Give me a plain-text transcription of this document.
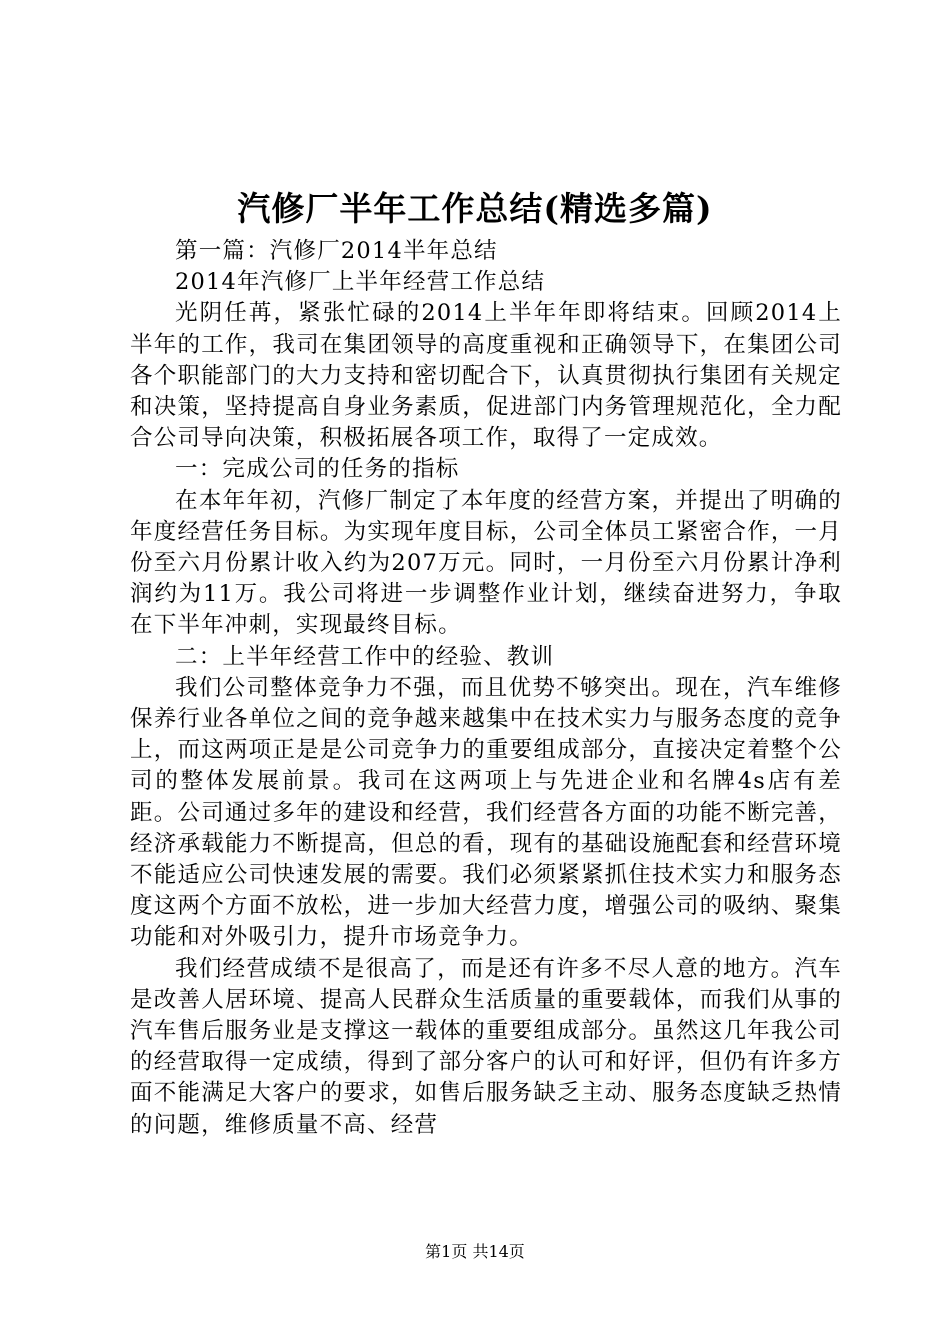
汽修厂半年工作总结(精选多篇)

第一篇：汽修厂2014半年总结

2014年汽修厂上半年经营工作总结

光阴任苒，紧张忙碌的2014上半年年即将结束。回顾2014上半年的工作，我司在集团领导的高度重视和正确领导下，在集团公司各个职能部门的大力支持和密切配合下，认真贯彻执行集团有关规定和决策，坚持提高自身业务素质，促进部门内务管理规范化，全力配合公司导向决策，积极拓展各项工作，取得了一定成效。

一：完成公司的任务的指标

在本年年初，汽修厂制定了本年度的经营方案，并提出了明确的年度经营任务目标。为实现年度目标，公司全体员工紧密合作，一月份至六月份累计收入约为207万元。同时，一月份至六月份累计净利润约为11万。我公司将进一步调整作业计划，继续奋进努力，争取在下半年冲刺，实现最终目标。

二：上半年经营工作中的经验、教训

我们公司整体竞争力不强，而且优势不够突出。现在，汽车维修保养行业各单位之间的竞争越来越集中在技术实力与服务态度的竞争上，而这两项正是是公司竞争力的重要组成部分，直接决定着整个公司的整体发展前景。我司在这两项上与先进企业和名牌4s店有差距。公司通过多年的建设和经营，我们经营各方面的功能不断完善，经济承载能力不断提高，但总的看，现有的基础设施配套和经营环境不能适应公司快速发展的需要。我们必须紧紧抓住技术实力和服务态度这两个方面不放松，进一步加大经营力度，增强公司的吸纳、聚集功能和对外吸引力，提升市场竞争力。

我们经营成绩不是很高了，而是还有许多不尽人意的地方。汽车是改善人居环境、提高人民群众生活质量的重要载体，而我们从事的汽车售后服务业是支撑这一载体的重要组成部分。虽然这几年我公司的经营取得一定成绩，得到了部分客户的认可和好评，但仍有许多方面不能满足大客户的要求，如售后服务缺乏主动、服务态度缺乏热情的问题，维修质量不高、经营

第1页 共14页
